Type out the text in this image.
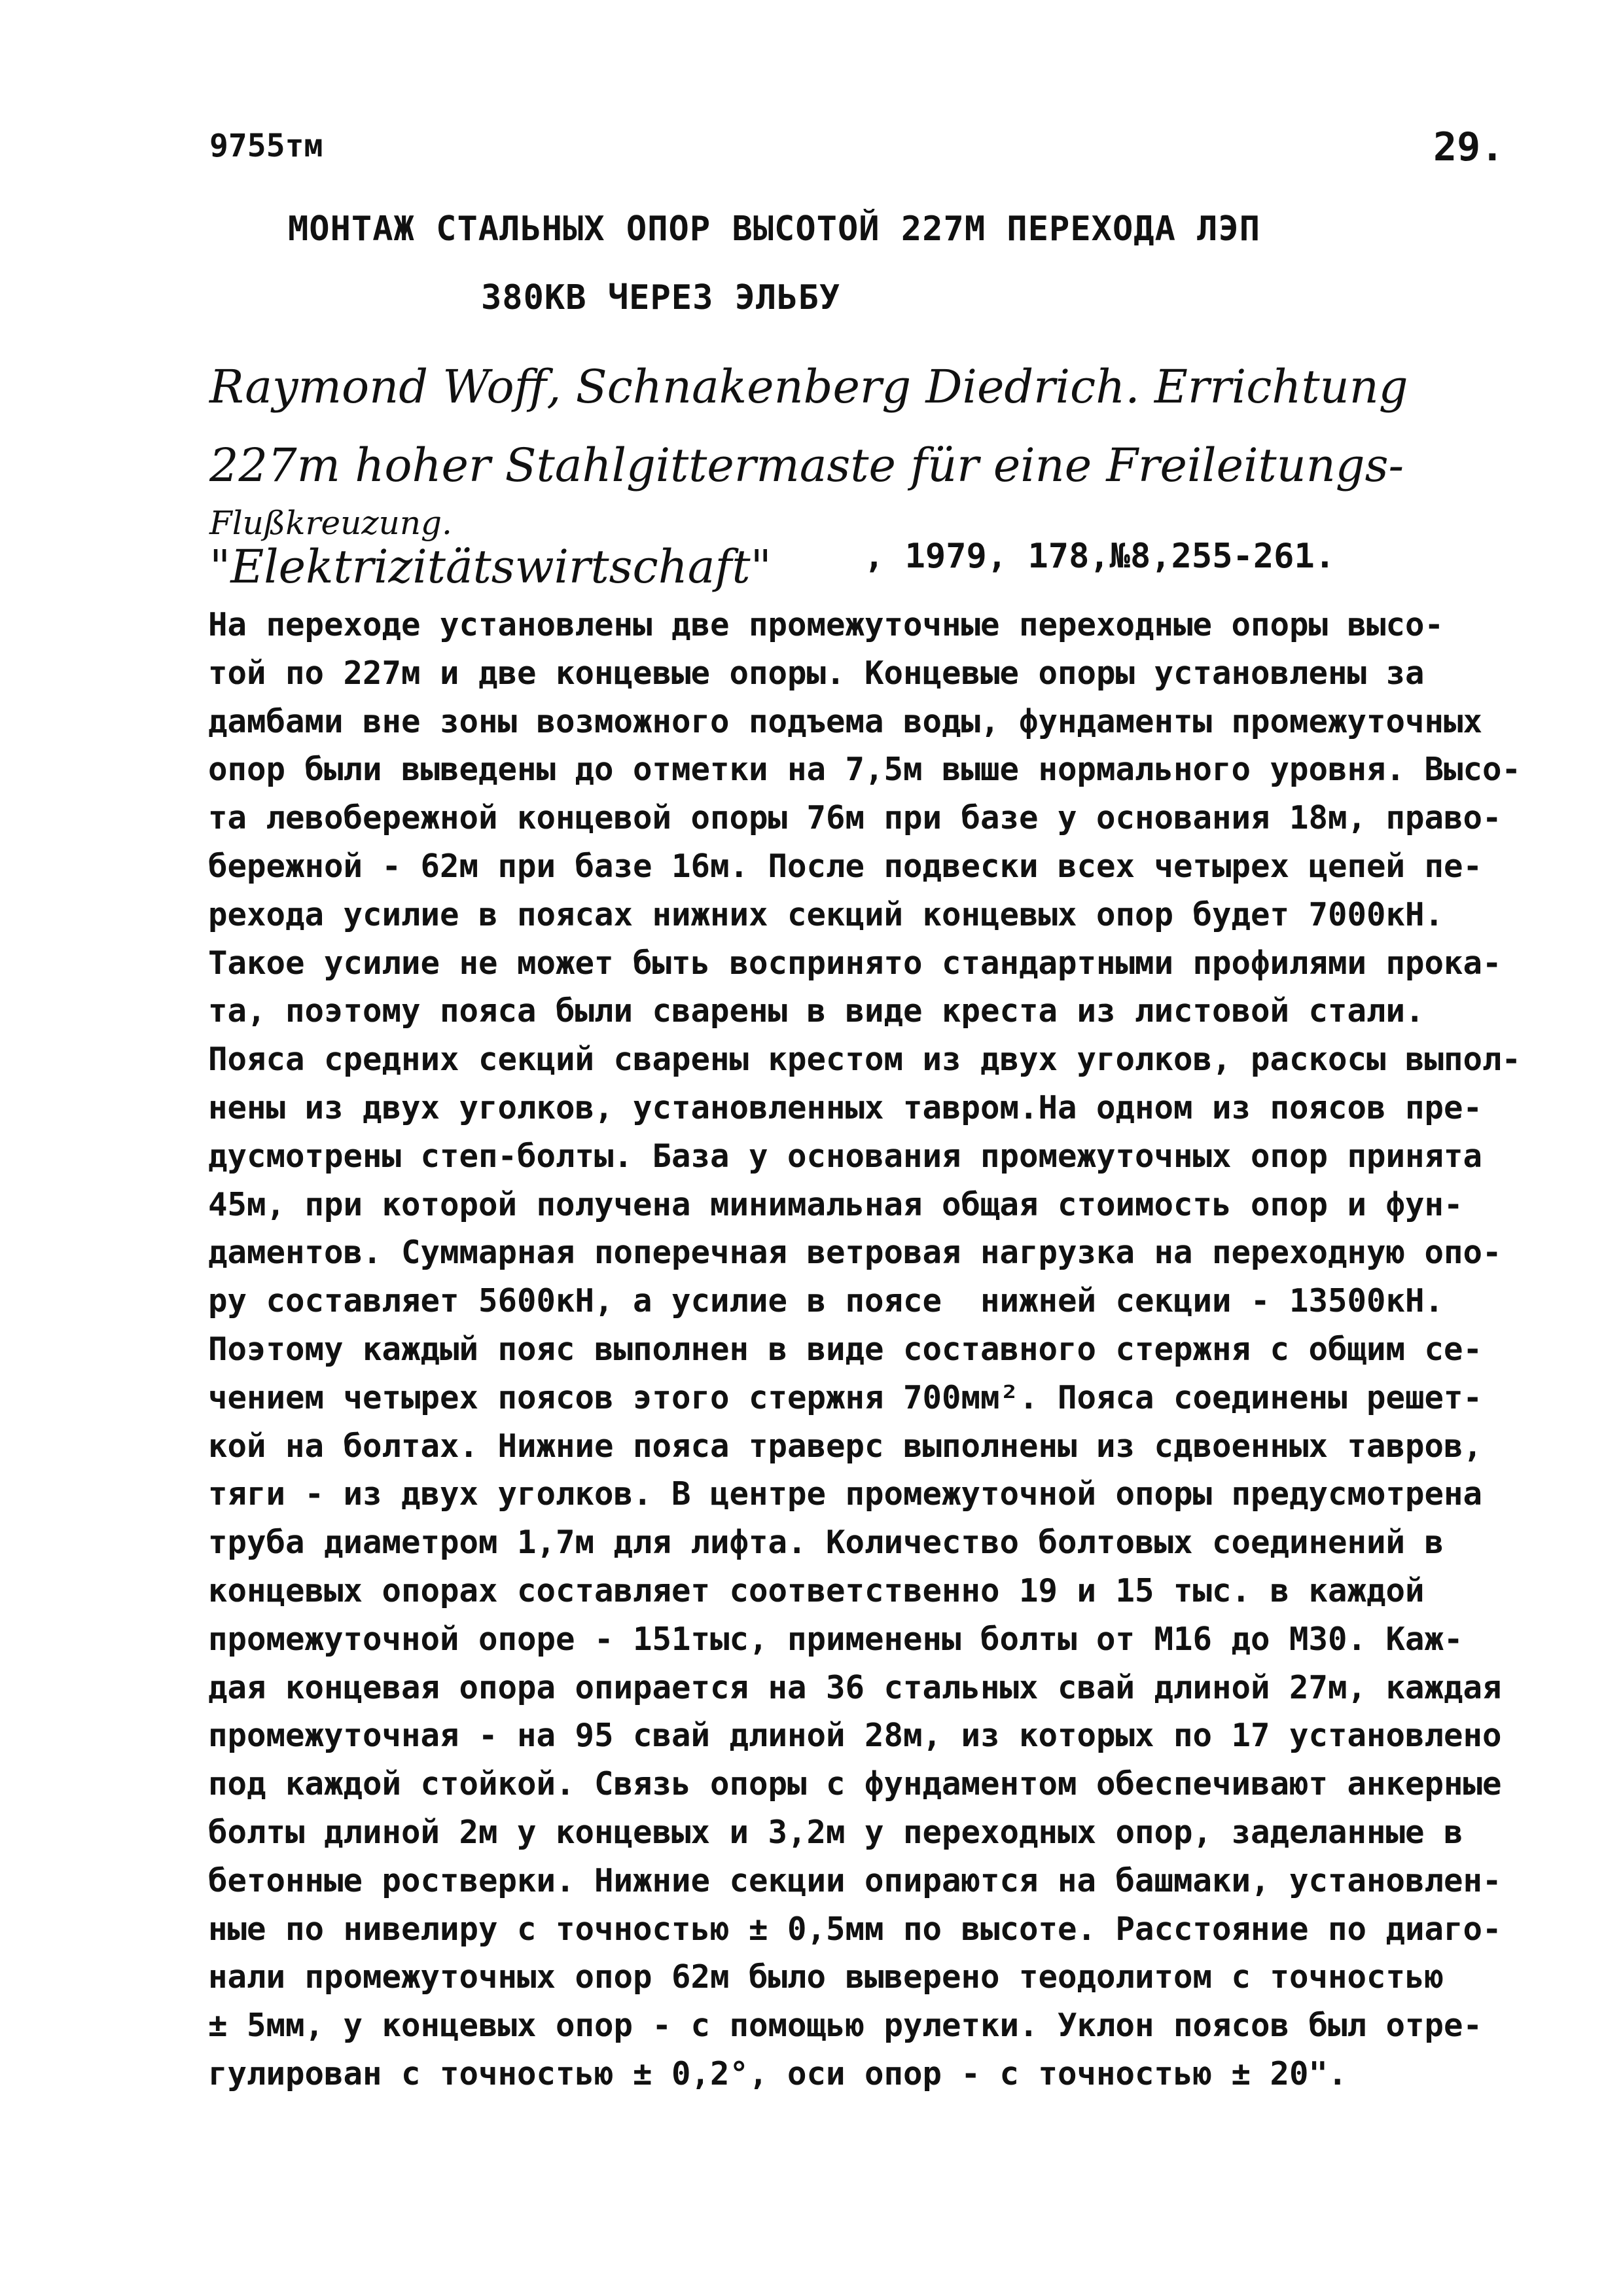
9755тм	29.
МОНТАЖ СТАЛЬНЫХ ОПОР ВЫСОТОЙ 227М ПЕРЕХОДА ЛЭП
380КВ ЧЕРЕЗ ЭЛЬБУ
Raymond Woff, Schnakenberg Diedrich. Errichtung
227m hoher Stahlgittermaste für eine Freileitungs-
Flußkreuzung.
"Elektrizitätswirtschaft"	, 1979, 178,№8,255-261.
На переходе установлены две промежуточные переходные опоры высо-
той по 227м и две концевые опоры. Концевые опоры установлены за
дамбами вне зоны возможного подъема воды, фундаменты промежуточных
опор были выведены до отметки на 7,5м выше нормального уровня. Высо-
та левобережной концевой опоры 76м при базе у основания 18м, право-
бережной - 62м при базе 16м. После подвески всех четырех цепей пе-
рехода усилие в поясах нижних секций концевых опор будет 7000кН.
Такое усилие не может быть воспринято стандартными профилями прока-
та, поэтому пояса были сварены в виде креста из листовой стали.
Пояса средних секций сварены крестом из двух уголков, раскосы выпол-
нены из двух уголков, установленных тавром.На одном из поясов пре-
дусмотрены степ-болты. База у основания промежуточных опор принята
45м, при которой получена минимальная общая стоимость опор и фун-
даментов. Суммарная поперечная ветровая нагрузка на переходную опо-
ру составляет 5600кН, а усилие в поясе  нижней секции - 13500кН.
Поэтому каждый пояс выполнен в виде составного стержня с общим се-
чением четырех поясов этого стержня 700мм². Пояса соединены решет-
кой на болтах. Нижние пояса траверс выполнены из сдвоенных тавров,
тяги - из двух уголков. В центре промежуточной опоры предусмотрена
труба диаметром 1,7м для лифта. Количество болтовых соединений в
концевых опорах составляет соответственно 19 и 15 тыс. в каждой
промежуточной опоре - 151тыс, применены болты от М16 до М30. Каж-
дая концевая опора опирается на 36 стальных свай длиной 27м, каждая
промежуточная - на 95 свай длиной 28м, из которых по 17 установлено
под каждой стойкой. Связь опоры с фундаментом обеспечивают анкерные
болты длиной 2м у концевых и 3,2м у переходных опор, заделанные в
бетонные ростверки. Нижние секции опираются на башмаки, установлен-
ные по нивелиру с точностью ± 0,5мм по высоте. Расстояние по диаго-
нали промежуточных опор 62м было выверено теодолитом с точностью
± 5мм, у концевых опор - с помощью рулетки. Уклон поясов был отре-
гулирован с точностью ± 0,2°, оси опор - с точностью ± 20".
